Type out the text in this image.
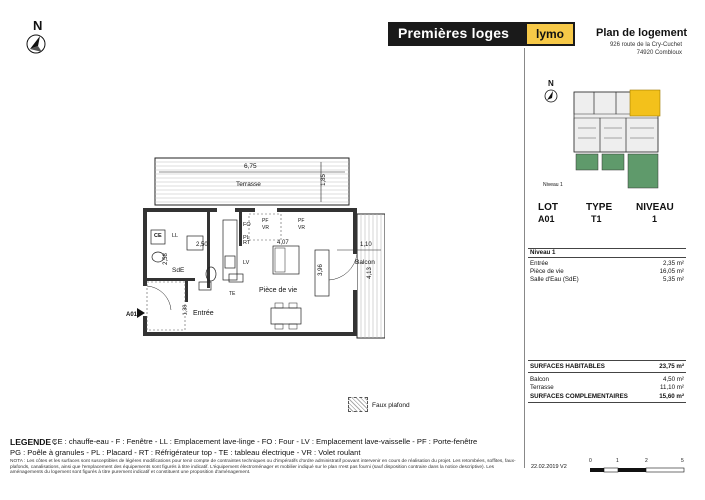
N	Premières loges	lymo	Plan de logement
926 route de la Cry-Cuchet
74920 Combloux
6,75
1,85
Terrasse
Balcon
1,10
4,13
CE LL
2,50
2,58
SdE
FO
PF
VR
PF
VR
PL
RT	4,07
LV
TE
3,96
Pièce de vie
1,38 Entrée
A01
Faux plafond
N
Niveau 1
LOT	TYPE NIVEAU
A01	T1	1
Niveau 1
Entrée	2,35 m²
Pièce de vie	16,05 m²
Salle d'Eau (SdE)	5,35 m²
SURFACES HABITABLES	23,75 m²
Balcon	4,50 m²
Terrasse	11,10 m²
SURFACES COMPLEMENTAIRES	15,60 m²
LEGENDE :
CE : chauffe-eau - F : Fenêtre - LL : Emplacement lave-linge - FO : Four - LV : Emplacement lave-vaisselle - PF : Porte-fenêtre
PG : Poêle à granules - PL : Placard - RT : Réfrigérateur top - TE : tableau électrique - VR : Volet roulant
NOTA : Les côtes et les surfaces sont susceptibles de légères modifications pour tenir compte de contraintes techniques ou d'impératifs d'ordre administratif pouvant intervenir en cours de réalisation du projet. Les retombées, soffites, faux-plafonds, canalisations, ainsi que l'emplacement des équipements sont figurés à titre indicatif. L'équipement électroménager et mobilier indiqué sur le plan n'est pas fourni (sauf disposition contraire dans la notice descriptive). Les aménagements du logement sont figurés à titre purement indicatif et constituent une proposition d'aménagement.
22.02.2019 V2
0	1	2	5
